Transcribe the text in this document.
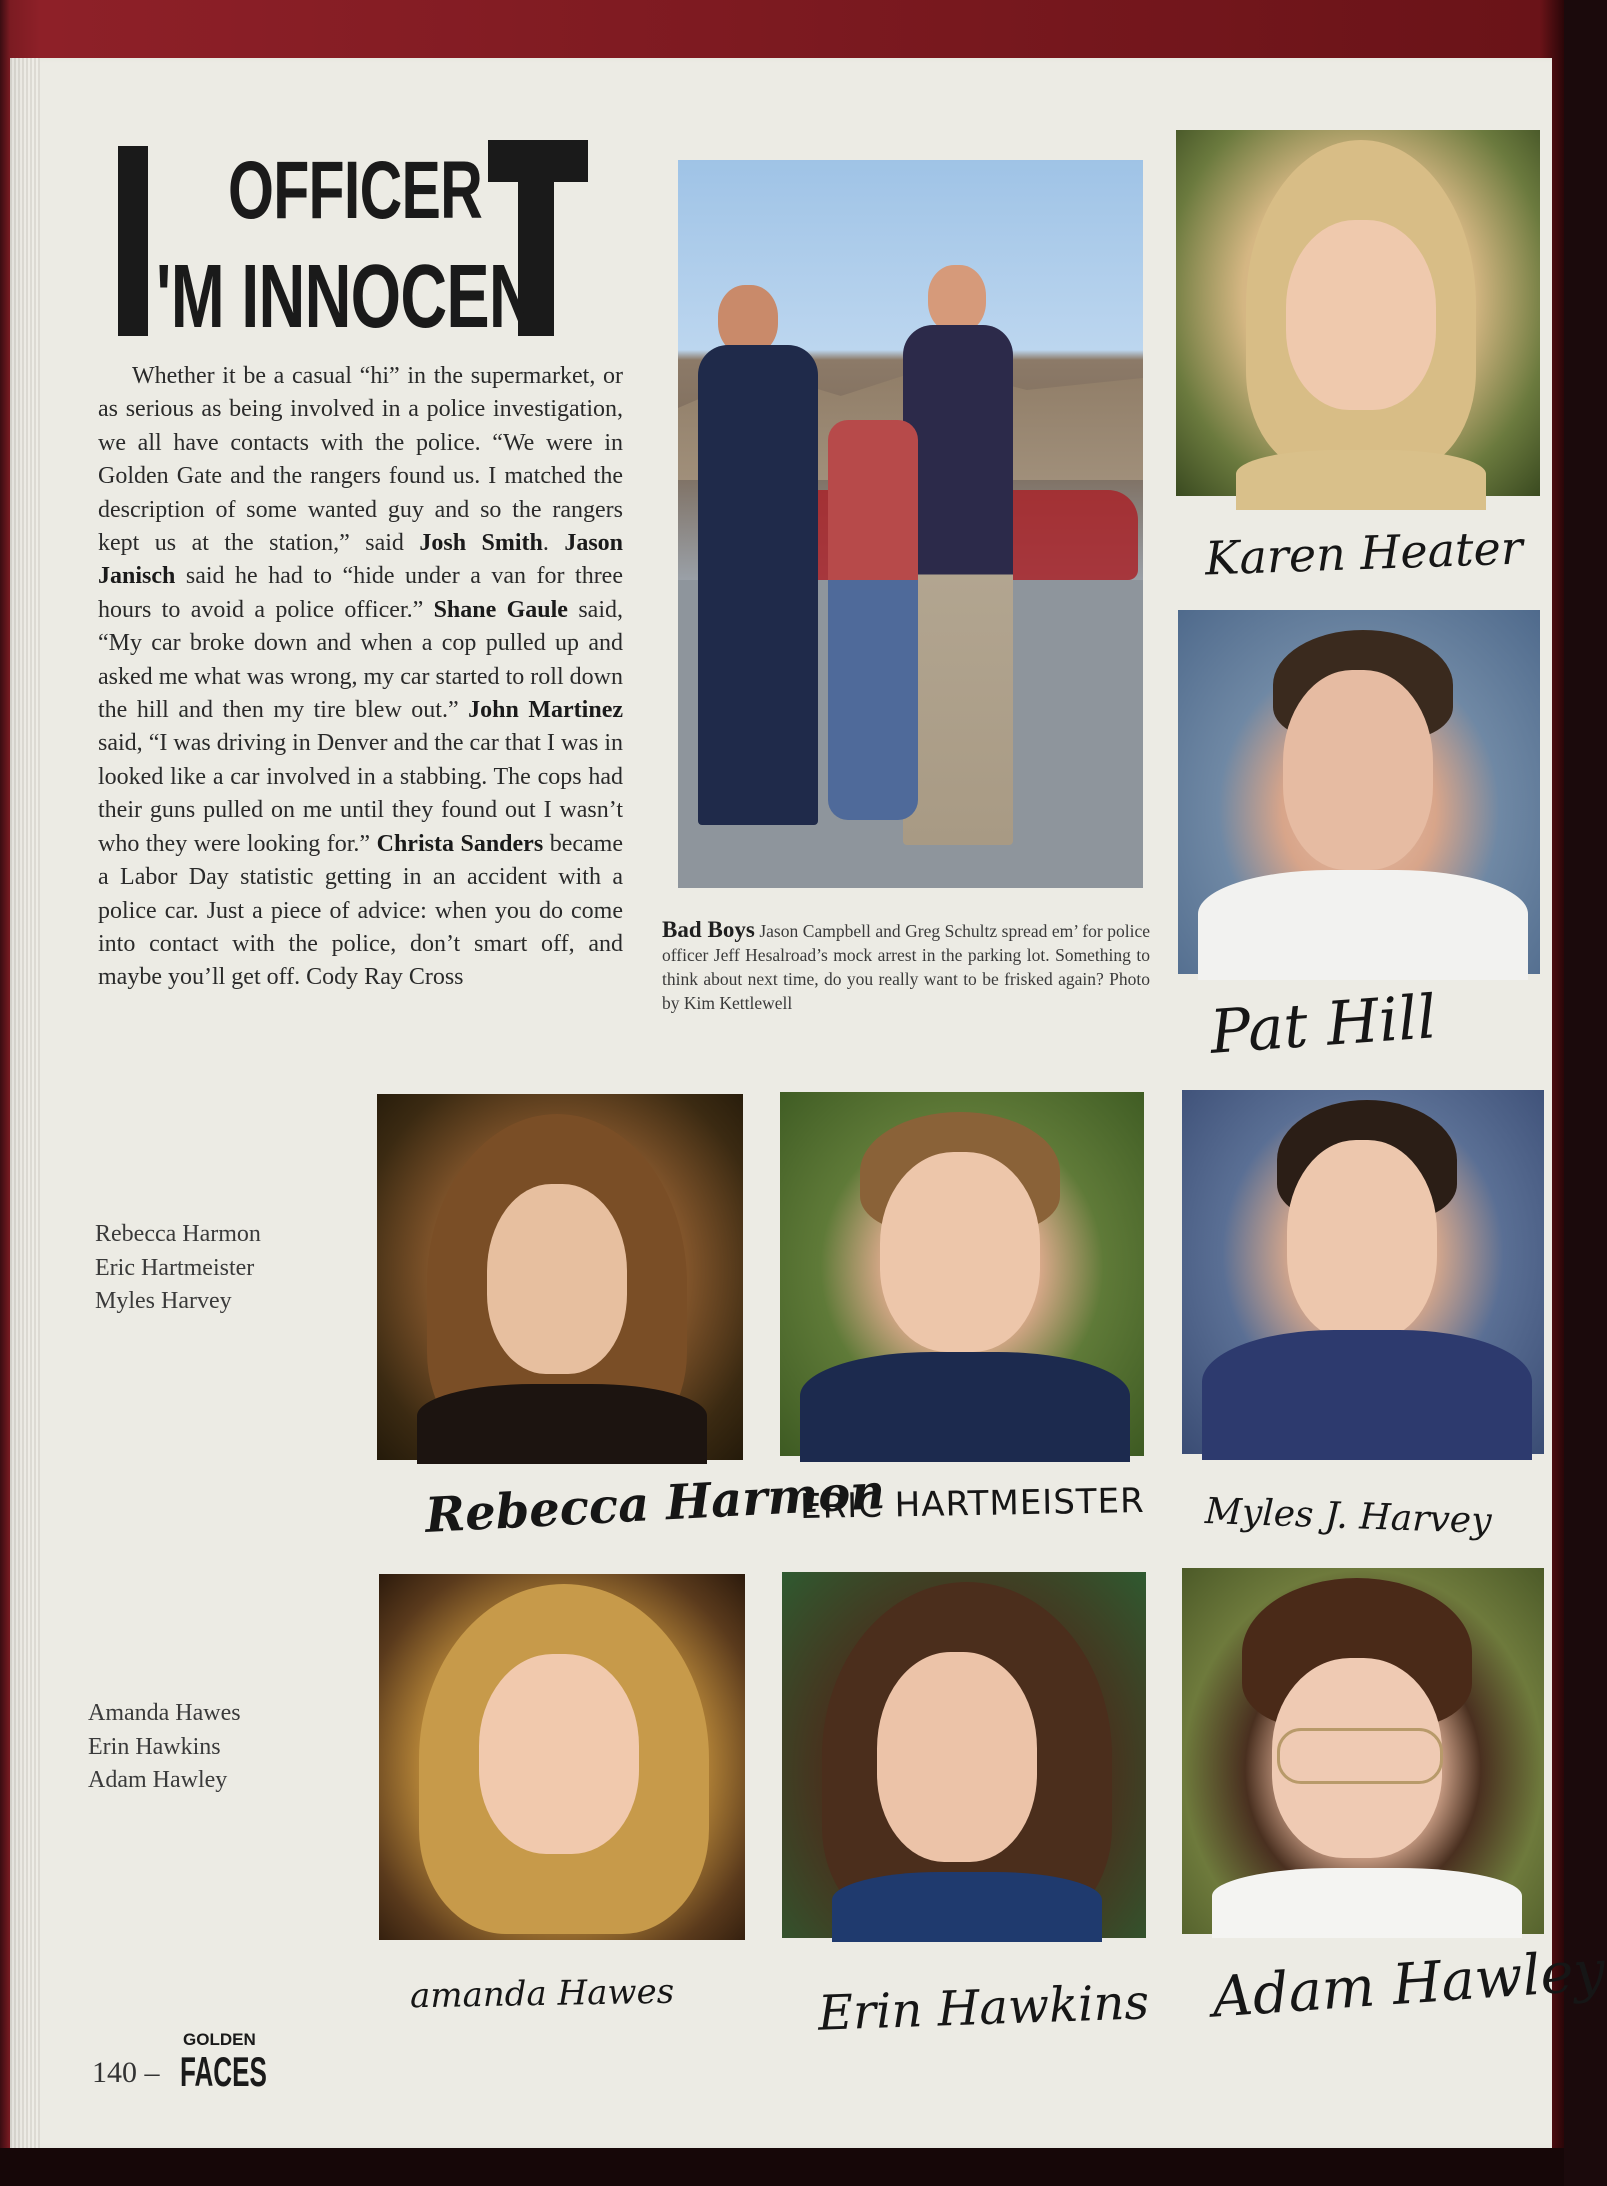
OFFICER
'M INNOCEN

Whether it be a casual “hi” in the supermarket, or as serious as being involved in a police investigation, we all have contacts with the police. “We were in Golden Gate and the rangers found us. I matched the description of some wanted guy and so the rangers kept us at the station,” said Josh Smith. Jason Janisch said he had to “hide under a van for three hours to avoid a police officer.” Shane Gaule said, “My car broke down and when a cop pulled up and asked me what was wrong, my car started to roll down the hill and then my tire blew out.” John Martinez said, “I was driving in Denver and the car that I was in looked like a car involved in a stabbing. The cops had their guns pulled on me until they found out I wasn’t who they were looking for.” Christa Sanders became a Labor Day statistic getting in an accident with a police car. Just a piece of advice: when you do come into contact with the police, don’t smart off, and maybe you’ll get off. Cody Ray Cross

Bad Boys Jason Campbell and Greg Schultz spread em’ for police officer Jeff Hesalroad’s mock arrest in the parking lot. Something to think about next time, do you really want to be frisked again? Photo by Kim Kettlewell
Rebecca Harmon
Eric Hartmeister
Myles Harvey
Amanda Hawes
Erin Hawkins
Adam Hawley
Karen Heater
Pat Hill
Rebecca Harmon
ERIC HARTMEISTER Myles J. Harvey
amanda Hawes	Erin Hawkins Adam Hawley
140 –
GOLDEN
FACES
